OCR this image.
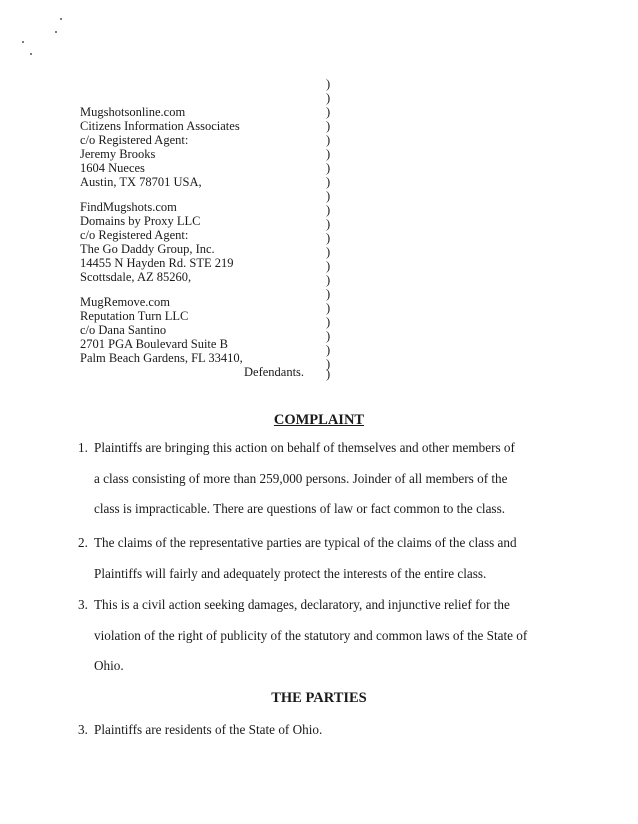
Mugshotsonline.com
Citizens Information Associates
c/o Registered Agent:
Jeremy Brooks
1604 Nueces
Austin, TX 78701 USA,
FindMugshots.com
Domains by Proxy LLC
c/o Registered Agent:
The Go Daddy Group, Inc.
14455 N Hayden Rd. STE 219
Scottsdale, AZ 85260,
MugRemove.com
Reputation Turn LLC
c/o Dana Santino
2701 PGA Boulevard Suite B
Palm Beach Gardens, FL 33410,
Defendants.
)
)
)
)
)
)
)
)
)
)
)
)
)
)
)
)
)
)
)
)
)
)
COMPLAINT
1. Plaintiffs are bringing this action on behalf of themselves and other members of
a class consisting of more than 259,000 persons. Joinder of all members of the
class is impracticable. There are questions of law or fact common to the class.
2. The claims of the representative parties are typical of the claims of the class and
Plaintiffs will fairly and adequately protect the interests of the entire class.
3. This is a civil action seeking damages, declaratory, and injunctive relief for the
violation of the right of publicity of the statutory and common laws of the State of
Ohio.
THE PARTIES
3. Plaintiffs are residents of the State of Ohio.
